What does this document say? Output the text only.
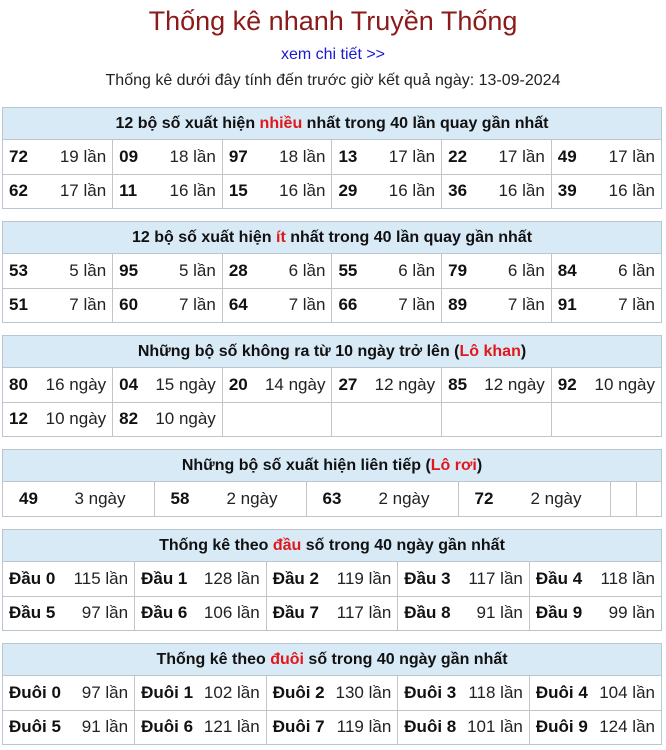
Thống kê nhanh Truyền Thống
xem chi tiết >>
Thống kê dưới đây tính đến trước giờ kết quả ngày: 13-09-2024
12 bộ số xuất hiện nhiều nhất trong 40 lần quay gần nhất
72 19 lần	09 18 lần	97 18 lần	13 17 lần	22 17 lần	49 17 lần

62 17 lần	11 16 lần	15 16 lần	29 16 lần	36 16 lần	39 16 lần
12 bộ số xuất hiện ít nhất trong 40 lần quay gần nhất
53 5 lần	95 5 lần	28 6 lần	55 6 lần	79 6 lần	84 6 lần

51 7 lần	60 7 lần	64 7 lần	66 7 lần	89 7 lần	91 7 lần
Những bộ số không ra từ 10 ngày trở lên (Lô khan)
80 16 ngày	04 15 ngày	20 14 ngày	27 12 ngày	85 12 ngày	92 10 ngày

12 10 ngày	82 10 ngày				

Những bộ số xuất hiện liên tiếp (Lô rơi)
49 3 ngày	58 2 ngày	63 2 ngày	72 2 ngày

Thống kê theo đầu số trong 40 ngày gần nhất
Đầu 0 115 lần	Đầu 1 128 lần	Đầu 2 119 lần	Đầu 3 117 lần	Đầu 4 118 lần

Đầu 5 97 lần	Đầu 6 106 lần	Đầu 7 117 lần	Đầu 8 91 lần	Đầu 9 99 lần
Thống kê theo đuôi số trong 40 ngày gần nhất
Đuôi 0 97 lần	Đuôi 1 102 lần	Đuôi 2 130 lần	Đuôi 3 118 lần	Đuôi 4 104 lần

Đuôi 5 91 lần	Đuôi 6 121 lần	Đuôi 7 119 lần	Đuôi 8 101 lần	Đuôi 9 124 lần
